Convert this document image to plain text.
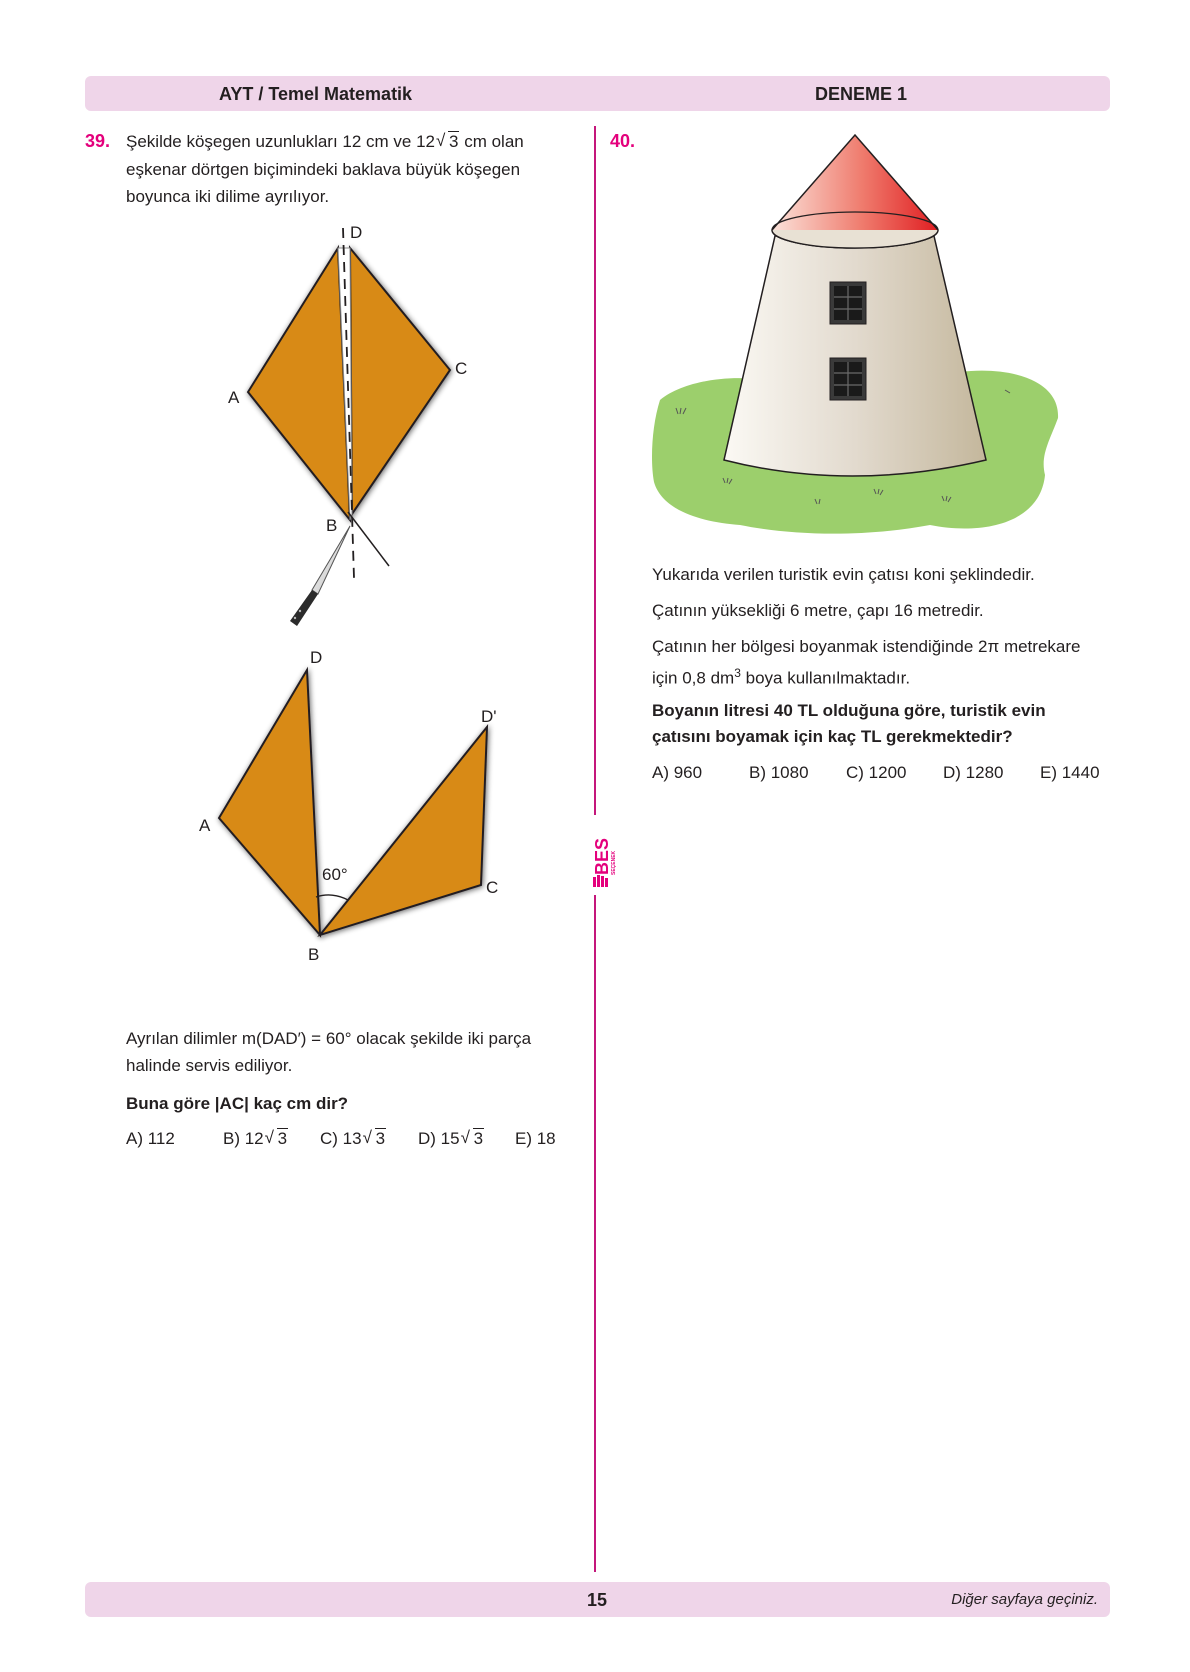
AYT / Temel Matematik	DENEME 1
39. Şekilde köşegen uzunlukları 12 cm ve 12 √ 3 cm olan
eşkenar dörtgen biçimindeki baklava büyük köşegen
boyunca iki dilime ayrılıyor.
D
A
C
B
60°
D
D'
A
C
B
Ayrılan dilimler m(DAD′) = 60° olacak şekilde iki parça
halinde servis ediliyor.
Buna göre |AC| kaç cm dir?
A) 112	B) 12 √ 3 C) 13 √ 3 D) 15 √ 3 E) 18
BES SEÇENEK
40.
Yukarıda verilen turistik evin çatısı koni şeklindedir.
Çatının yüksekliği 6 metre, çapı 16 metredir.
Çatının her bölgesi boyanmak istendiğinde 2π metrekare
için 0,8 $dm^3$ boya kullanılmaktadır.
Boyanın litresi 40 TL olduğuna göre, turistik evin
çatısını boyamak için kaç TL gerekmektedir?
A) 960	B) 1080 C) 1200 D) 1280 E) 1440
15	Diğer sayfaya geçiniz.
